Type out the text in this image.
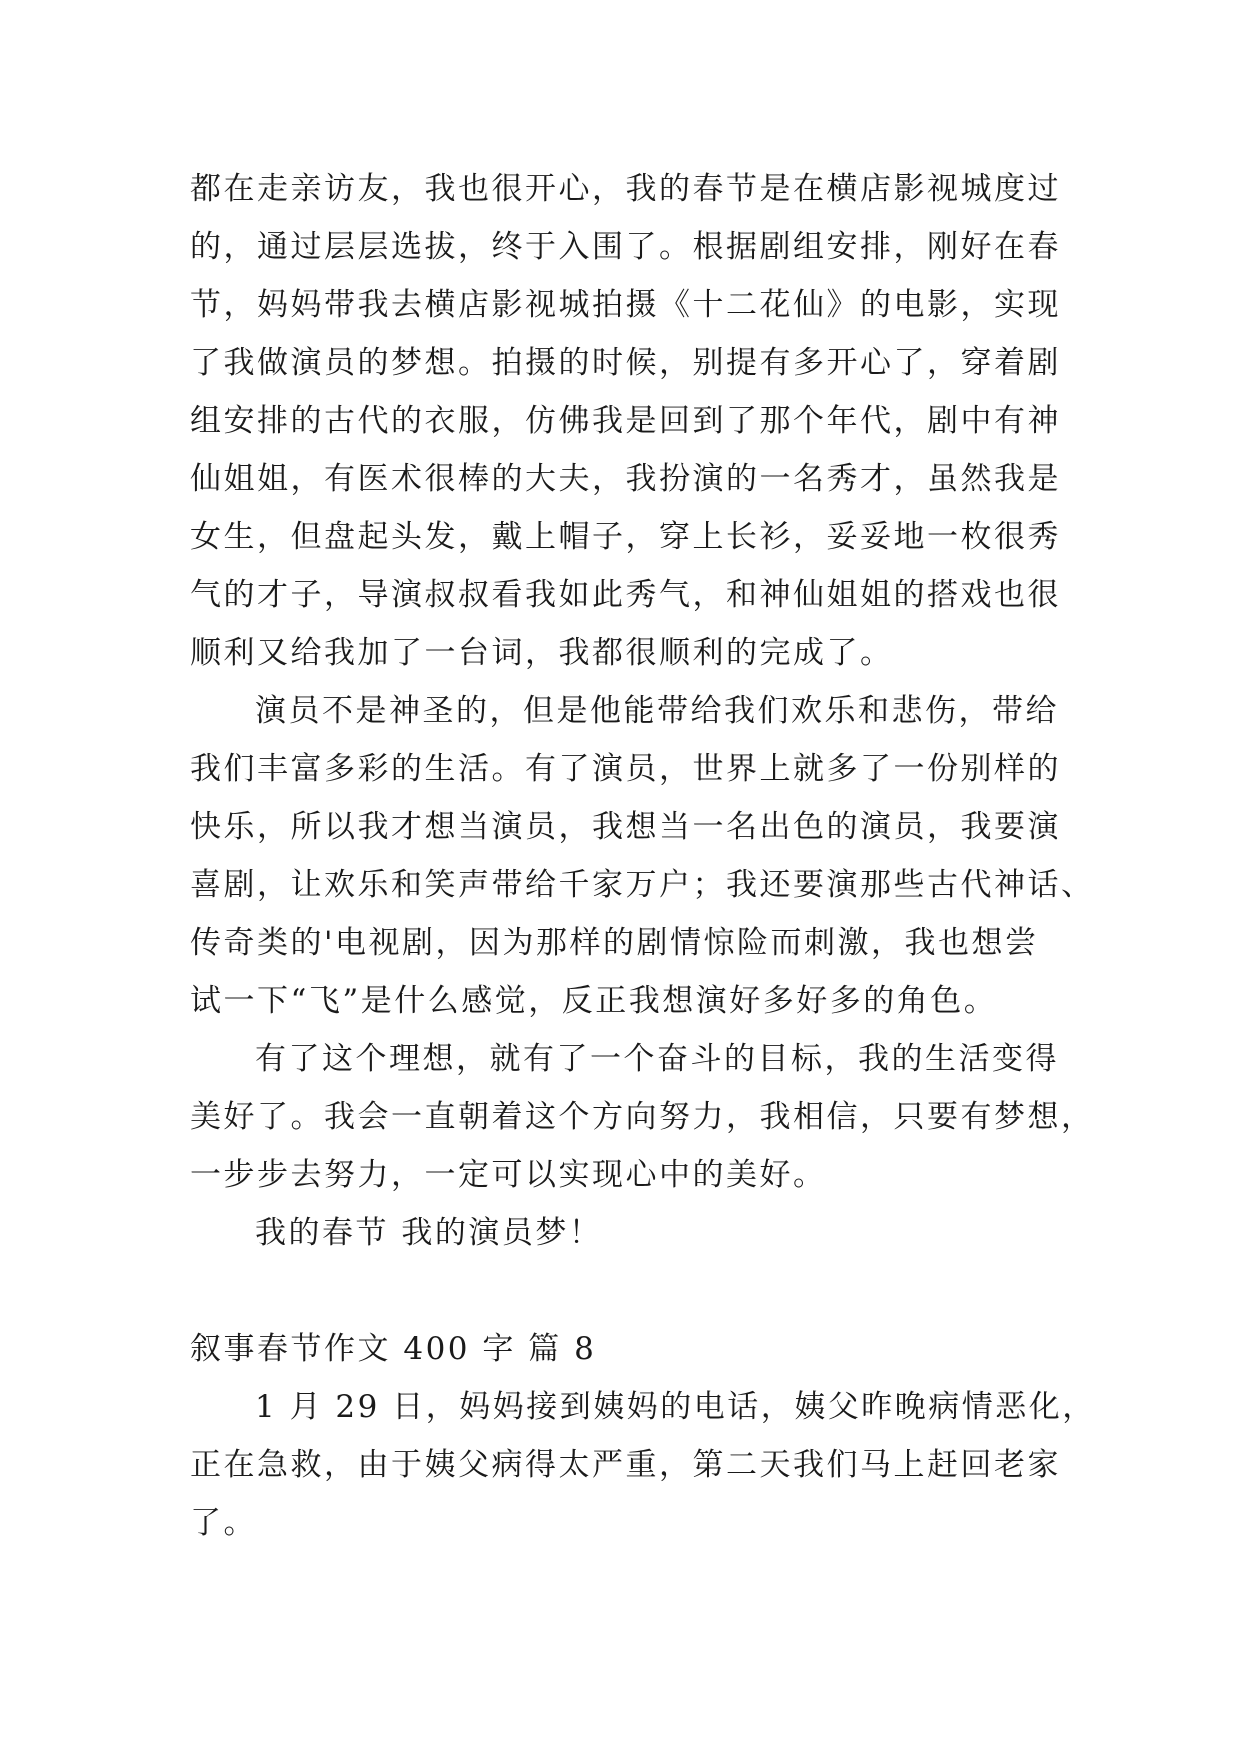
都在走亲访友，我也很开心，我的春节是在横店影视城度过
的，通过层层选拔，终于入围了。根据剧组安排，刚好在春
节，妈妈带我去横店影视城拍摄《十二花仙》的电影，实现
了我做演员的梦想。拍摄的时候，别提有多开心了，穿着剧
组安排的古代的衣服，仿佛我是回到了那个年代，剧中有神
仙姐姐，有医术很棒的大夫，我扮演的一名秀才，虽然我是
女生，但盘起头发，戴上帽子，穿上长衫，妥妥地一枚很秀
气的才子，导演叔叔看我如此秀气，和神仙姐姐的搭戏也很
顺利又给我加了一台词，我都很顺利的完成了。
演员不是神圣的，但是他能带给我们欢乐和悲伤，带给
我们丰富多彩的生活。有了演员，世界上就多了一份别样的
快乐，所以我才想当演员，我想当一名出色的演员，我要演
喜剧，让欢乐和笑声带给千家万户；我还要演那些古代神话、
传奇类的'电视剧，因为那样的剧情惊险而刺激，我也想尝
试一下“飞”是什么感觉，反正我想演好多好多的角色。
有了这个理想，就有了一个奋斗的目标，我的生活变得
美好了。我会一直朝着这个方向努力，我相信，只要有梦想，
一步步去努力，一定可以实现心中的美好。
我的春节 我的演员梦！
叙事春节作文 400 字 篇 8
1 月 29 日，妈妈接到姨妈的电话，姨父昨晚病情恶化，
正在急救，由于姨父病得太严重，第二天我们马上赶回老家
了。
